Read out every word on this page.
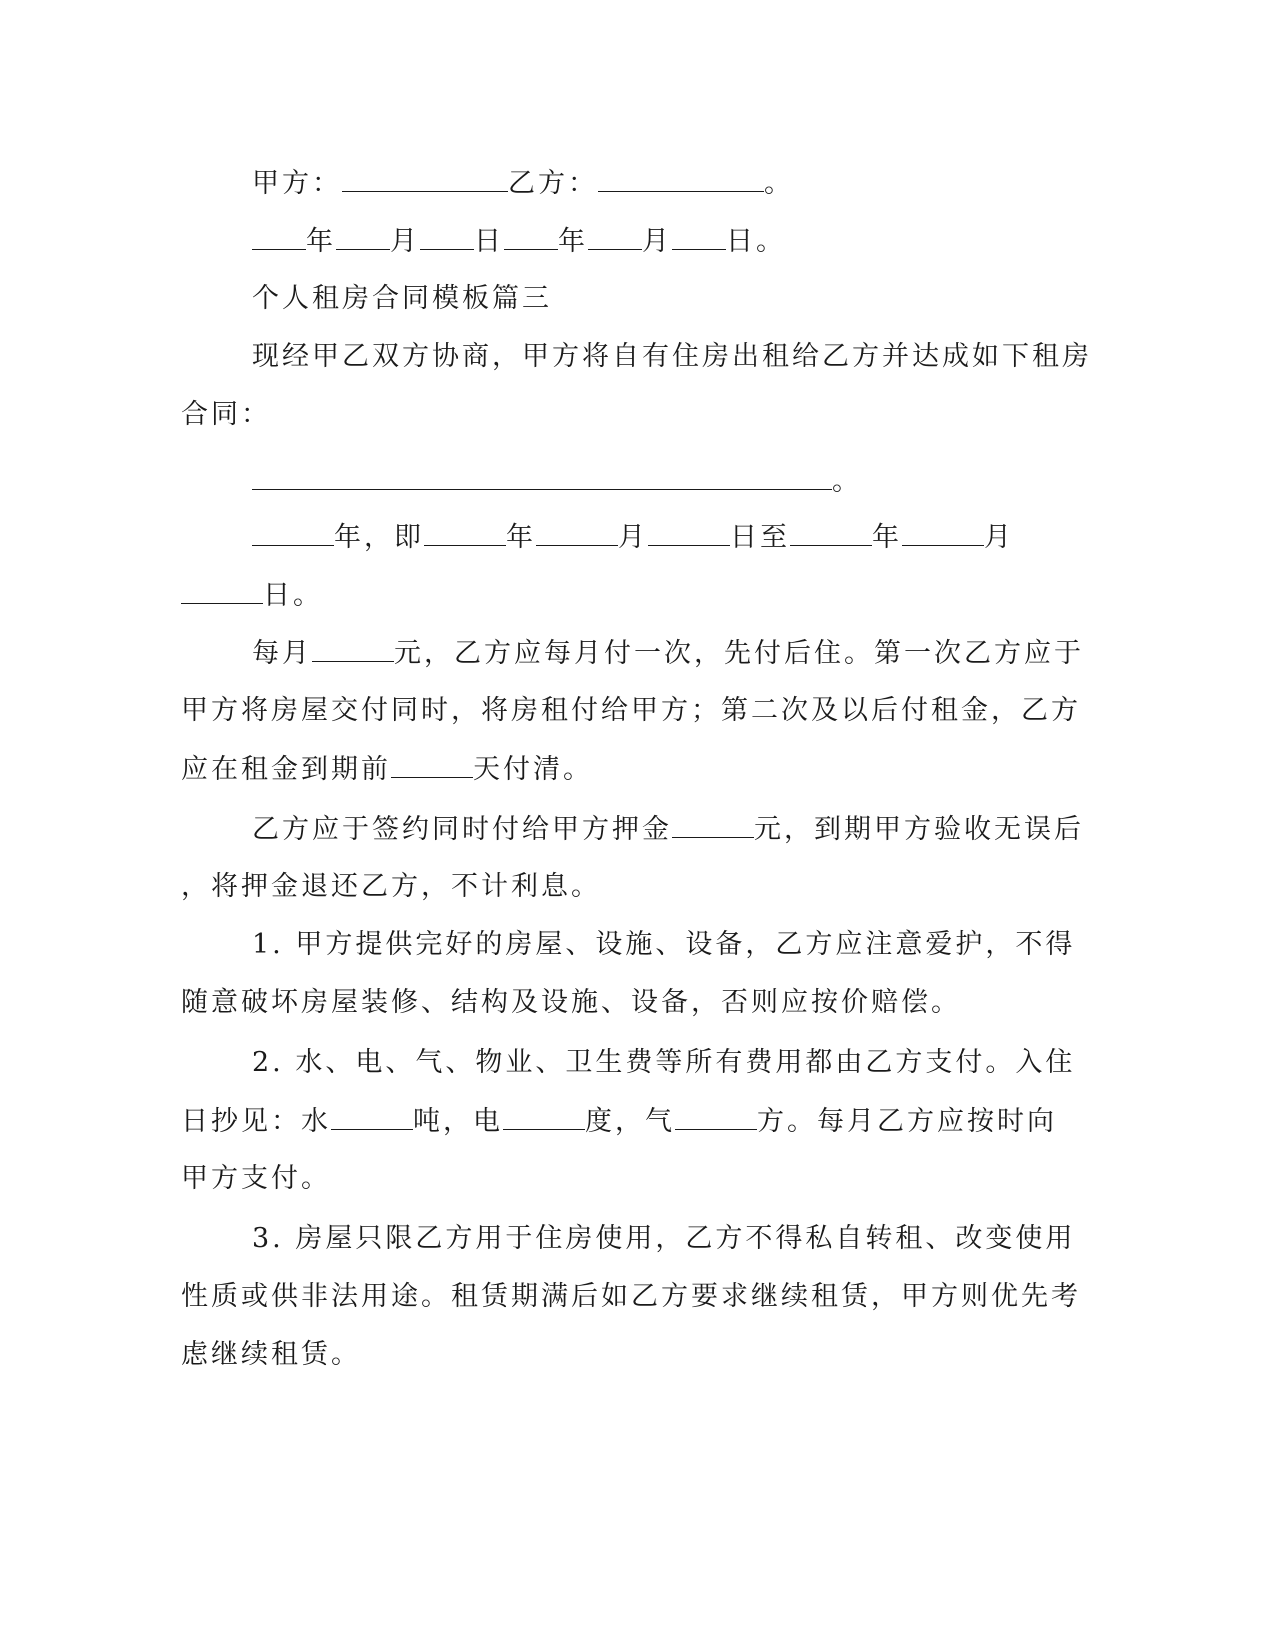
甲方：	乙方：	。
年 月 日 年 月 日。
个人租房合同模板篇三
现经甲乙双方协商，甲方将自有住房出租给乙方并达成如下租房
合同：
。
年，即	年	月	日至	年	月
日。
每月	元，乙方应每月付一次，先付后住。第一次乙方应于
甲方将房屋交付同时，将房租付给甲方；第二次及以后付租金，乙方
应在租金到期前	天付清。
乙方应于签约同时付给甲方押金	元，到期甲方验收无误后
，将押金退还乙方，不计利息。
1. 甲方提供完好的房屋、设施、设备，乙方应注意爱护，不得
随意破坏房屋装修、结构及设施、设备，否则应按价赔偿。
2. 水、电、气、物业、卫生费等所有费用都由乙方支付。入住
日抄见：水	吨，电	度，气	方。每月乙方应按时向
甲方支付。
3. 房屋只限乙方用于住房使用，乙方不得私自转租、改变使用
性质或供非法用途。租赁期满后如乙方要求继续租赁，甲方则优先考
虑继续租赁。
